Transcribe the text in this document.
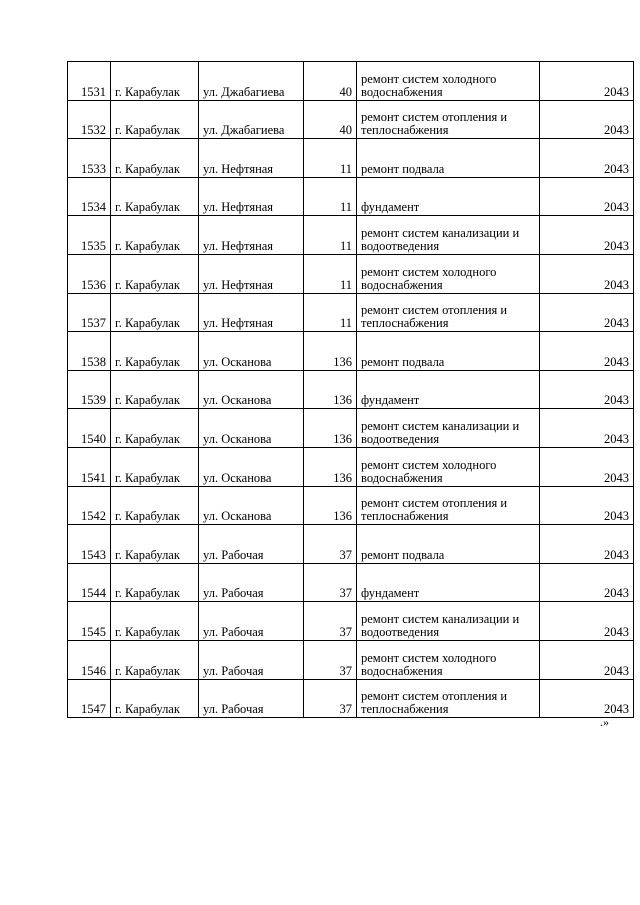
1531	г. Карабулак	ул. Джабагиева	40	ремонт систем холодного водоснабжения	2043
1532	г. Карабулак	ул. Джабагиева	40	ремонт систем отопления и теплоснабжения	2043
1533	г. Карабулак	ул. Нефтяная	11	ремонт подвала	2043
1534	г. Карабулак	ул. Нефтяная	11	фундамент	2043
1535	г. Карабулак	ул. Нефтяная	11	ремонт систем канализации и водоотведения	2043
1536	г. Карабулак	ул. Нефтяная	11	ремонт систем холодного водоснабжения	2043
1537	г. Карабулак	ул. Нефтяная	11	ремонт систем отопления и теплоснабжения	2043
1538	г. Карабулак	ул. Осканова	136	ремонт подвала	2043
1539	г. Карабулак	ул. Осканова	136	фундамент	2043
1540	г. Карабулак	ул. Осканова	136	ремонт систем канализации и водоотведения	2043
1541	г. Карабулак	ул. Осканова	136	ремонт систем холодного водоснабжения	2043
1542	г. Карабулак	ул. Осканова	136	ремонт систем отопления и теплоснабжения	2043
1543	г. Карабулак	ул. Рабочая	37	ремонт подвала	2043
1544	г. Карабулак	ул. Рабочая	37	фундамент	2043
1545	г. Карабулак	ул. Рабочая	37	ремонт систем канализации и водоотведения	2043
1546	г. Карабулак	ул. Рабочая	37	ремонт систем холодного водоснабжения	2043
1547	г. Карабулак	ул. Рабочая	37	ремонт систем отопления и теплоснабжения	2043
.»
